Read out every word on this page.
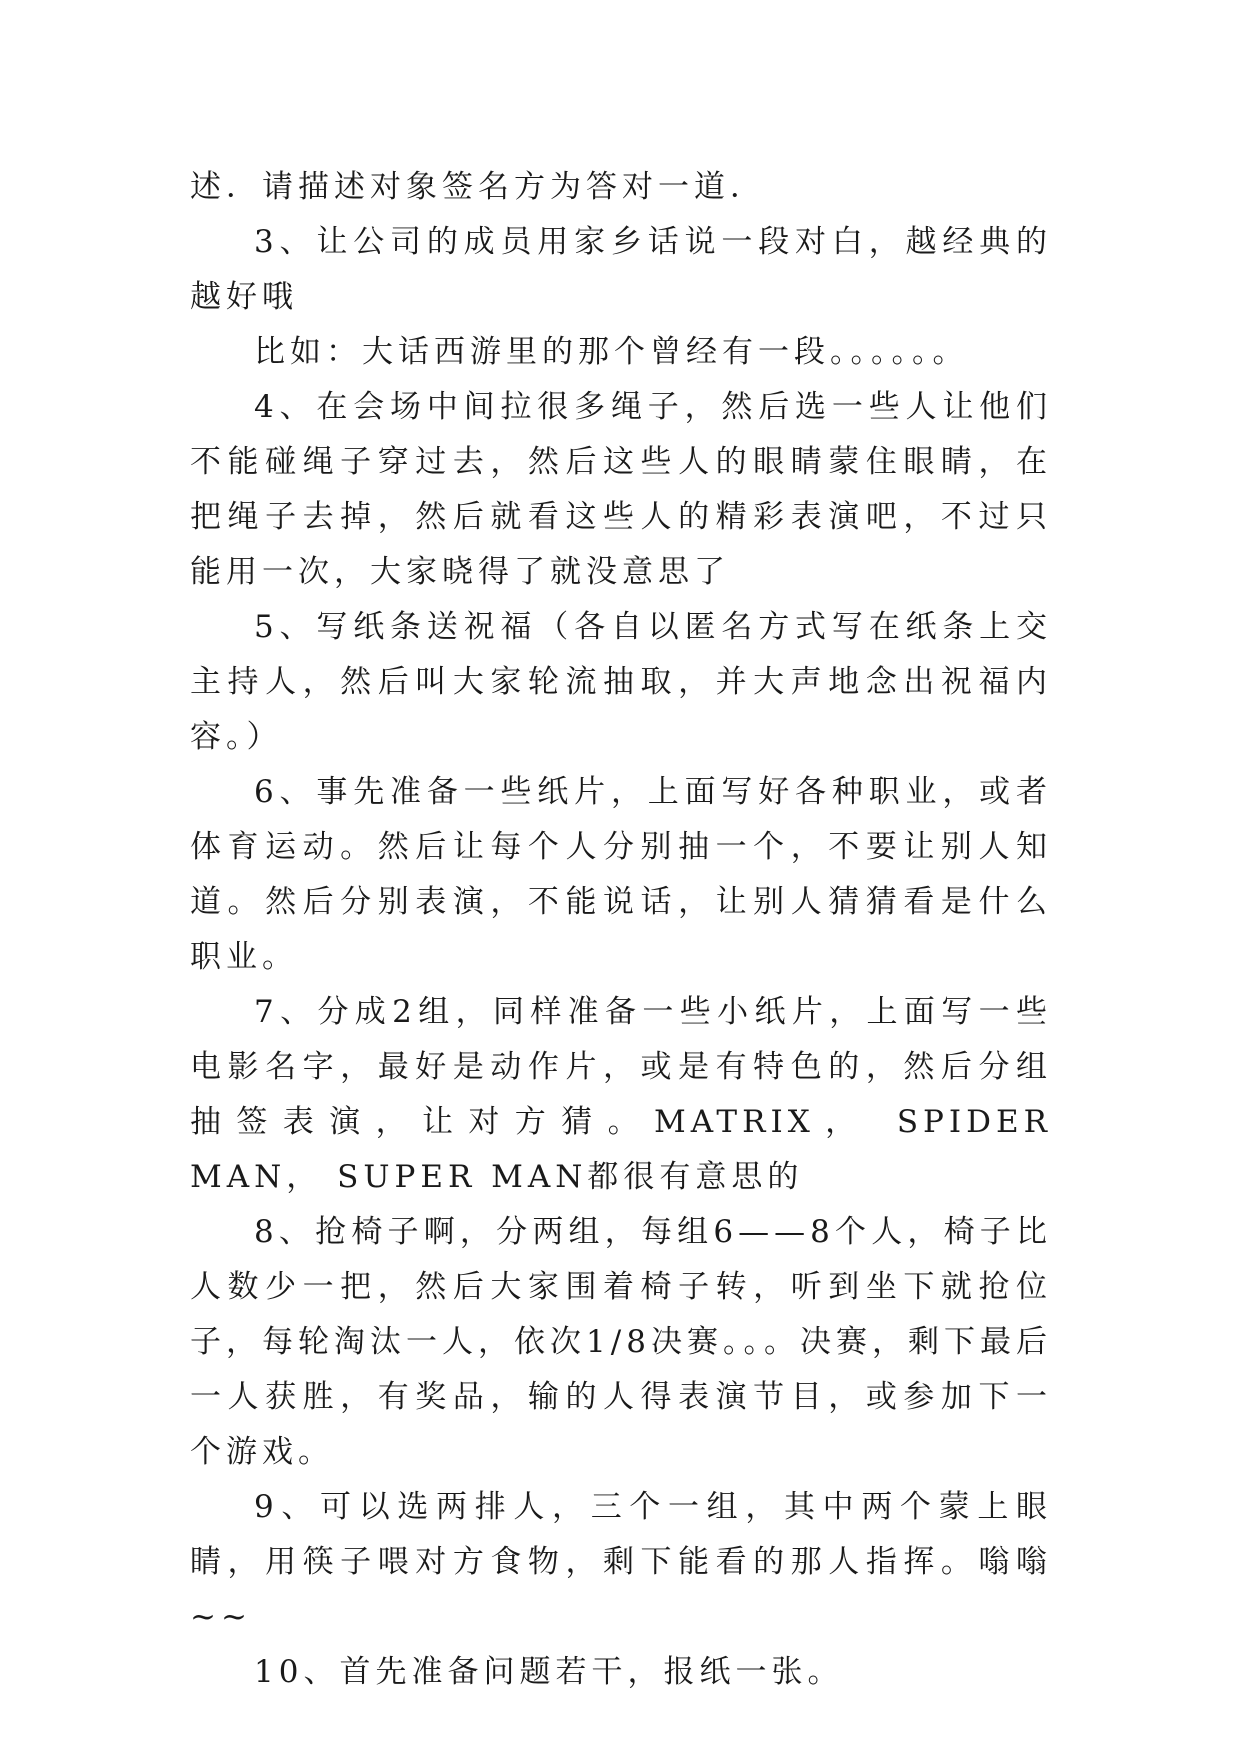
述．请描述对象签名方为答对一道．

3、让公司的成员用家乡话说一段对白，越经典的越好哦

比如：大话西游里的那个曾经有一段。。。。。。

4、在会场中间拉很多绳子，然后选一些人让他们不能碰绳子穿过去，然后这些人的眼睛蒙住眼睛，在把绳子去掉，然后就看这些人的精彩表演吧，不过只能用一次，大家晓得了就没意思了

5、写纸条送祝福（各自以匿名方式写在纸条上交主持人，然后叫大家轮流抽取，并大声地念出祝福内容。）

6、事先准备一些纸片，上面写好各种职业，或者体育运动。然后让每个人分别抽一个，不要让别人知道。然后分别表演，不能说话，让别人猜猜看是什么职业。

7、分成2组，同样准备一些小纸片，上面写一些电影名字，最好是动作片，或是有特色的，然后分组抽签表演，让对方猜。MATRIX， SPIDER MAN， SUPER MAN都很有意思的

8、抢椅子啊，分两组，每组6——8个人，椅子比人数少一把，然后大家围着椅子转，听到坐下就抢位子，每轮淘汰一人，依次1/8决赛。。。决赛，剩下最后一人获胜，有奖品，输的人得表演节目，或参加下一个游戏。

9、可以选两排人，三个一组，其中两个蒙上眼睛，用筷子喂对方食物，剩下能看的那人指挥。嗡嗡~~

10、首先准备问题若干，报纸一张。
